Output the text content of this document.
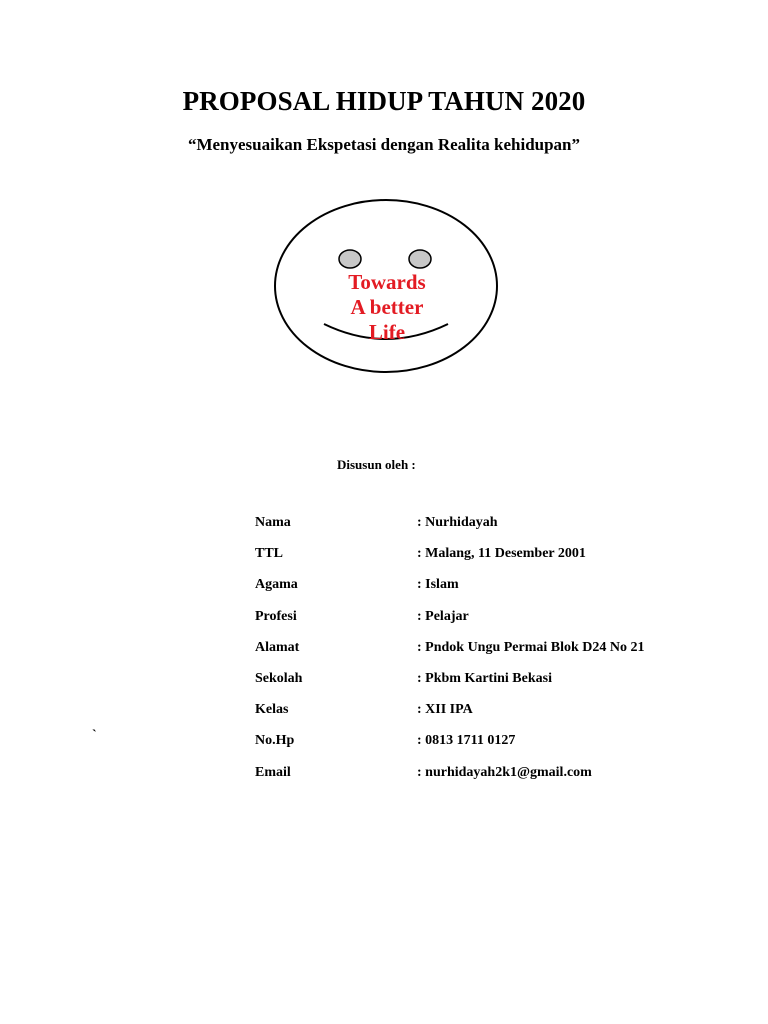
PROPOSAL HIDUP TAHUN 2020

“Menyesuaikan Ekspetasi dengan Realita kehidupan”

Towards
A better
Life
Disusun oleh :
`
Nama	: Nurhidayah
TTL	: Malang, 11 Desember 2001
Agama	: Islam
Profesi	: Pelajar
Alamat	: Pndok Ungu Permai Blok D24 No 21
Sekolah	: Pkbm Kartini Bekasi
Kelas	: XII IPA
No.Hp	: 0813 1711 0127
Email	: nurhidayah2k1@gmail.com
